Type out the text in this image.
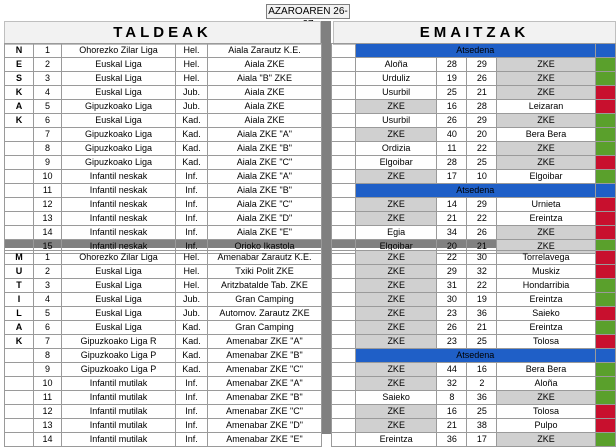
AZAROAREN 26-
TALDEAK	EMAITZAK
N	1	Ohorezko Zilar Liga	Hel.	Aiala Zarautz K.E.
E	2	Euskal Liga	Hel.	Aiala ZKE
S	3	Euskal Liga	Hel.	Aiala "B" ZKE
K	4	Euskal Liga	Jub.	Aiala ZKE
A	5	Gipuzkoako Liga	Jub.	Aiala ZKE
K	6	Euskal Liga	Kad.	Aiala ZKE
	7	Gipuzkoako Liga	Kad.	Aiala ZKE "A"
	8	Gipuzkoako Liga	Kad.	Aiala ZKE "B"
	9	Gipuzkoako Liga	Kad.	Aiala ZKE "C"
	10	Infantil neskak	Inf.	Aiala ZKE "A"
	11	Infantil neskak	Inf.	Aiala ZKE "B"
	12	Infantil neskak	Inf.	Aiala ZKE "C"
	13	Infantil neskak	Inf.	Aiala ZKE "D"
	14	Infantil neskak	Inf.	Aiala ZKE "E"
	15	Infantil neskak	Inf.	Orioko Ikastola
	Atsedena				
	Aloña	28	29	ZKE	
	Urduliz	19	26	ZKE	
	Usurbil	25	21	ZKE	
	ZKE	16	28	Leizaran	
	Usurbil	26	29	ZKE	
	ZKE	40	20	Bera Bera	
	Ordizia	11	22	ZKE	
	Elgoibar	28	25	ZKE	
	ZKE	17	10	Elgoibar	
	Atsedena				
	ZKE	14	29	Urnieta	
	ZKE	21	22	Ereintza	
	Egia	34	26	ZKE	
	Elgoibar	20	21	ZKE	
M	1	Ohorezko Zilar Liga	Hel.	Amenabar Zarautz K.E.
U	2	Euskal Liga	Hel.	Txiki Polit ZKE
T	3	Euskal Liga	Hel.	Aritzbatalde Tab. ZKE
I	4	Euskal Liga	Jub.	Gran Camping
L	5	Euskal Liga	Jub.	Automov. Zarautz ZKE
A	6	Euskal Liga	Kad.	Gran Camping
K	7	Gipuzkoako Liga R	Kad.	Amenabar ZKE "A"
	8	Gipuzkoako Liga P	Kad.	Amenabar ZKE "B"
	9	Gipuzkoako Liga P	Kad.	Amenabar ZKE "C"
	10	Infantil mutilak	Inf.	Amenabar ZKE "A"
	11	Infantil mutilak	Inf.	Amenabar ZKE "B"
	12	Infantil mutilak	Inf.	Amenabar ZKE "C"
	13	Infantil mutilak	Inf.	Amenabar ZKE "D"
	14	Infantil mutilak	Inf.	Amenabar ZKE "E"
	ZKE	22	30	Torrelavega	
	ZKE	29	32	Muskiz	
	ZKE	31	22	Hondarribia	
	ZKE	30	19	Ereintza	
	ZKE	23	36	Saieko	
	ZKE	26	21	Ereintza	
	ZKE	23	25	Tolosa	
	Atsedena				
	ZKE	44	16	Bera Bera	
	ZKE	32	2	Aloña	
	Saieko	8	36	ZKE	
	ZKE	16	25	Tolosa	
	ZKE	21	38	Pulpo	
	Ereintza	36	17	ZKE	
